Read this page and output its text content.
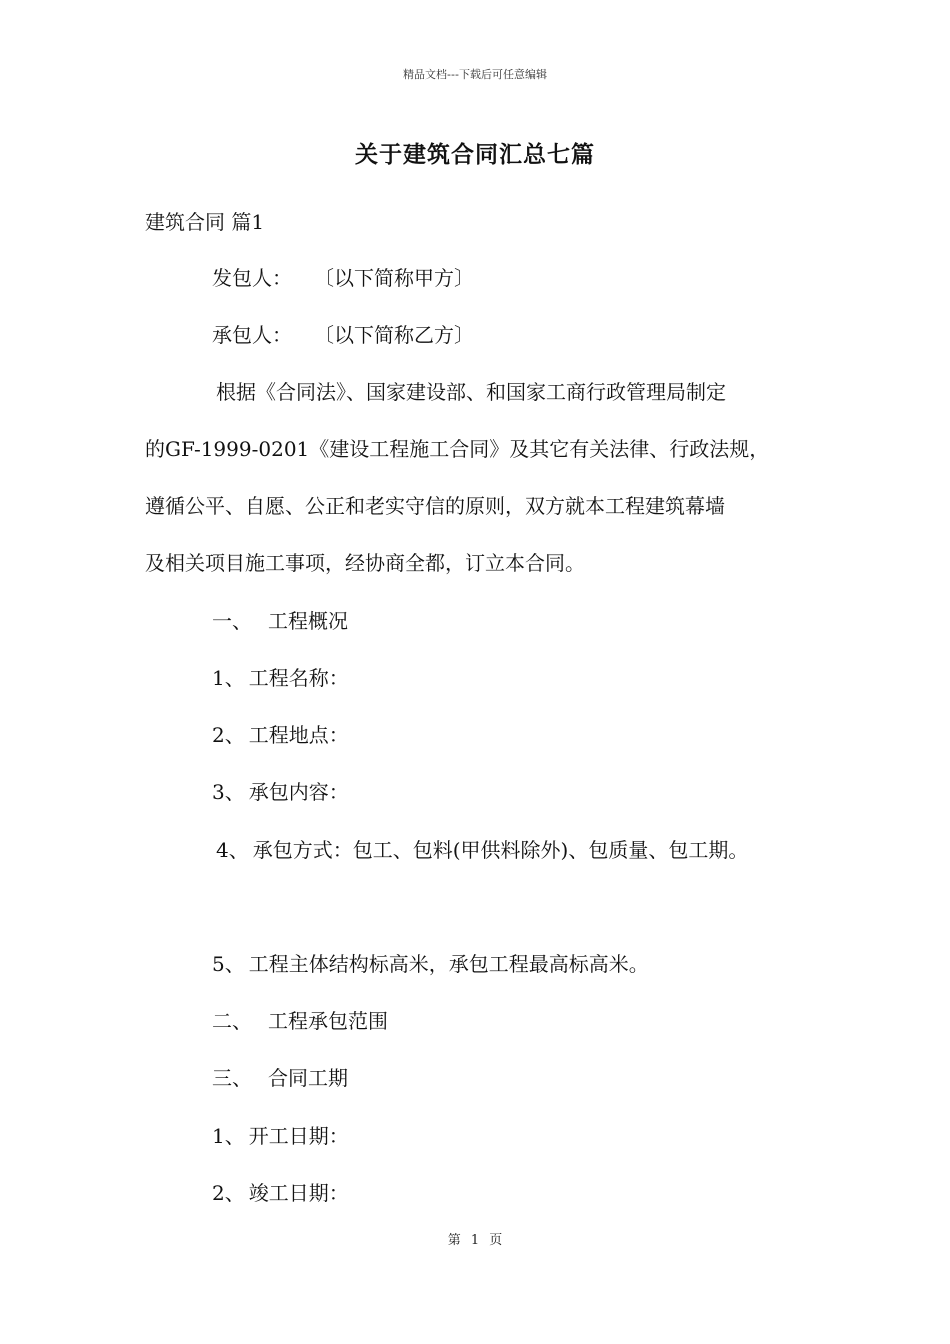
精品文档---下载后可任意编辑
关于建筑合同汇总七篇
建筑合同 篇1
发包人： 〔以下简称甲方〕
承包人： 〔以下简称乙方〕
根据《合同法》、国家建设部、和国家工商行政管理局制定
的GF-1999-0201《建设工程施工合同》及其它有关法律、行政法规，
遵循公平、自愿、公正和老实守信的原则，双方就本工程建筑幕墙
及相关项目施工事项，经协商全都，订立本合同。
一、 工程概况
1、 工程名称：
2、 工程地点：
3、 承包内容：
4、 承包方式：包工、包料(甲供料除外)、包质量、包工期。
5、 工程主体结构标高米，承包工程最高标高米。
二、 工程承包范围
三、 合同工期
1、 开工日期：
2、 竣工日期：
第 1 页
